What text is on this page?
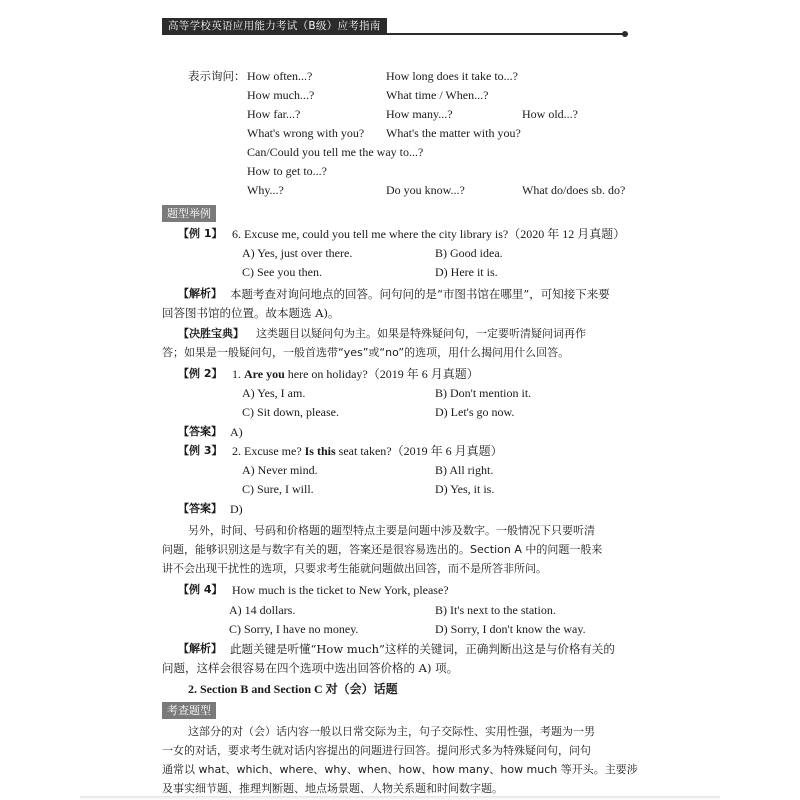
高等学校英语应用能力考试（B级）应考指南
表示询问： How often...?	How long does it take to...?
How much...?	What time / When...?
How far...?	How many...?	How old...?
What's wrong with you? What's the matter with you?
Can/Could you tell me the way to...?
How to get to...?
Why...?	Do you know...?	What do/does sb. do?
题型举例
【例 1】 6. Excuse me, could you tell me where the city library is?（2020 年 12 月真题）
A) Yes, just over there.	B) Good idea.
C) See you then.	D) Here it is.
【解析】 本题考查对询问地点的回答。问句问的是“市图书馆在哪里”，可知接下来要
回答图书馆的位置。故本题选 A)。
【决胜宝典】 这类题目以疑问句为主。如果是特殊疑问句，一定要听清疑问词再作
答；如果是一般疑问句，一般首选带“yes”或“no”的选项，用什么揭问用什么回答。
【例 2】 1. Are you here on holiday?（2019 年 6 月真题）
A) Yes, I am.	B) Don't mention it.
C) Sit down, please.	D) Let's go now.
【答案】 A)
【例 3】 2. Excuse me? Is this seat taken?（2019 年 6 月真题）
A) Never mind.	B) All right.
C) Sure, I will.	D) Yes, it is.
【答案】 D)
另外，时间、号码和价格题的题型特点主要是问题中涉及数字。一般情况下只要听清
问题，能够识别这是与数字有关的题，答案还是很容易选出的。Section A 中的问题一般来
讲不会出现干扰性的选项，只要求考生能就问题做出回答，而不是所答非所问。
【例 4】 How much is the ticket to New York, please?
A) 14 dollars.	B) It's next to the station.
C) Sorry, I have no money.	D) Sorry, I don't know the way.
【解析】 此题关键是听懂“How much”这样的关键词，正确判断出这是与价格有关的
问题，这样会很容易在四个选项中选出回答价格的 A) 项。
2. Section B and Section C 对（会）话题
考查题型
这部分的对（会）话内容一般以日常交际为主，句子交际性、实用性强，考题为一男
一女的对话，要求考生就对话内容提出的问题进行回答。提问形式多为特殊疑问句，问句
通常以 what、which、where、why、when、how、how many、how much 等开头。主要涉
及事实细节题、推理判断题、地点场景题、人物关系题和时间数字题。
